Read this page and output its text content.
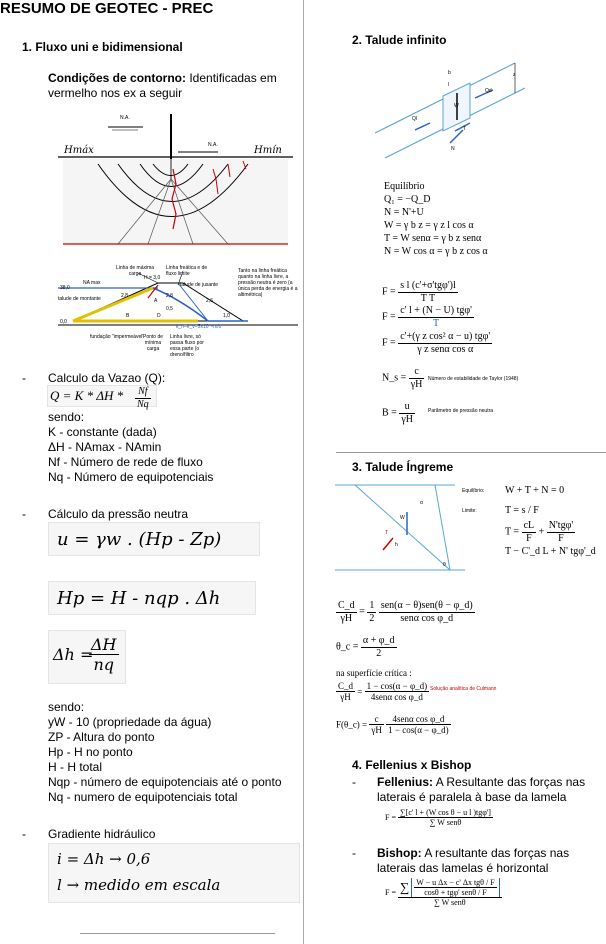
RESUMO DE GEOTEC - PREC
1. Fluxo uni e bidimensional
Condições de contorno: Identificadas em vermelho nos ex a seguir
N.A.
N.A.
Hmáx	Hmín
Linha de máxima carga
Linha freática e de fluxo limite
H = 3,0
NA max
38,0
talude de montante
talude de jusante
Tanto na linha freática quanto na linha livre, a pressão neutra é zero (a única perda de energia é a altimétrica)
2,8	2,8
2,6
0,5
1,0
0,0
B
A
D
k_h=k_v=5x10⁻⁸m/s
fundação "impermeável"
Ponto de mínima carga
Linha livre, só passa fluxo por essa parte (o dreno/filtro
- Calculo da Vazao (Q):
$Q = K * \Delta H * \frac{Nf}{Nq}$
sendo:
K - constante (dada)
ΔH - NAmax - NAmin
Nf - Número de rede de fluxo
Nq - Número de equipotenciais
- Cálculo da pressão neutra
u = γw . (Hp - Zp)
Hp = H - nqp . Δh
Δh =
$\frac{\Delta H}{nq}$
sendo:
yW - 10 (propriedade da água)
ZP - Altura do ponto
Hp - H no ponto
H - H total
Nqp - número de equipotenciais até o ponto
Nq - numero de equipotenciais total
- Gradiente hidráulico
i = Δh → 0,6
l → medido em escala
2. Talude infinito
b
l
z
W
Ql
Qd
T
N
Equilíbrio
Q₁ = −Q_D
N = N'+U
W = γ b z = γ z l cos α
T = W senα = γ b z senα
N = W cos α = γ b z cos α
$F = \frac{\text{s l (c'+σ'tgφ')l}}{\text{T T}}$
$F = \frac{\text{c' l + (N − U) tgφ'}}{T}$
$F = \frac{\text{c'+(γ z cos² α − u) tgφ'}}{\text{γ z senα cos α}}$
N_s = $\frac{c}{\gamma H}$ Número de estabilidade de Taylor (1948)
$B = \frac{u}{\gamma H}$	Parâmetro de pressão neutra
3. Talude Íngreme
α
θ
W
T
h
Equilíbrio: W + T + N = 0
Limite:	T = s / F
$T = \frac{cL}{F} + \frac{\text{N'tgφ'}}{F}$
T − C'_d L + N' tgφ'_d
$\frac{C\_d}{\gamma H} = \frac{1}{2}$
$\frac{\text{sen(α − θ)sen(θ − φ\_d)}}{\text{senα cos φ\_d}}$
θ_c = $\frac{\alpha + \varphi\_d}{2}$
na superfície crítica :
$\frac{C\_d}{\gamma H} = \frac{1 - \cos(\alpha - \varphi\_d)}{\text{4senα cos φ\_d}}$ Solução analítica de Culmann
F(θ_c) = $\frac{c}{\gamma H}$
$\frac{\text{4senα cos φ\_d}}{1 - \cos(\alpha - \varphi\_d)}$
4. Fellenius x Bishop
- Fellenius: A Resultante das forças nas laterais é paralela à base da lamela
$F = \frac{\text{∑[c' l + (W cos θ − u l )tgφ']}}{\text{∑ W senθ}}$
- Bishop: A resultante das forças nas laterais das lamelas é horizontal
$F = \frac{\sum \frac{\text{W − u Δx − c' Δx tgθ / F}}{\text{cosθ + tgφ' senθ / F}}}{\text{∑ W senθ}}$
